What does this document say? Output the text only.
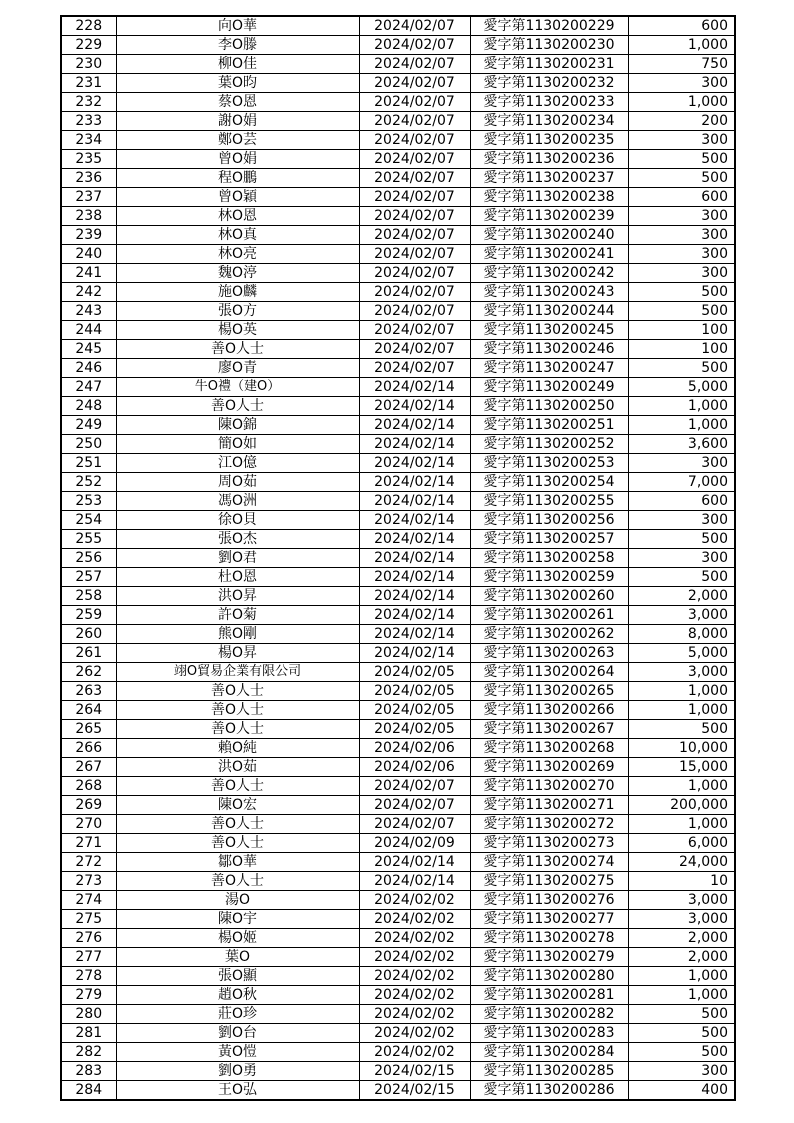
228	向O華	2024/02/07	愛字第1130200229	600
229	李O滕	2024/02/07	愛字第1130200230	1,000
230	柳O佳	2024/02/07	愛字第1130200231	750
231	葉O昀	2024/02/07	愛字第1130200232	300
232	蔡O恩	2024/02/07	愛字第1130200233	1,000
233	謝O娟	2024/02/07	愛字第1130200234	200
234	鄭O芸	2024/02/07	愛字第1130200235	300
235	曾O娟	2024/02/07	愛字第1130200236	500
236	程O鵬	2024/02/07	愛字第1130200237	500
237	曾O穎	2024/02/07	愛字第1130200238	600
238	林O恩	2024/02/07	愛字第1130200239	300
239	林O真	2024/02/07	愛字第1130200240	300
240	林O亮	2024/02/07	愛字第1130200241	300
241	魏O渟	2024/02/07	愛字第1130200242	300
242	施O麟	2024/02/07	愛字第1130200243	500
243	張O方	2024/02/07	愛字第1130200244	500
244	楊O英	2024/02/07	愛字第1130200245	100
245	善O人士	2024/02/07	愛字第1130200246	100
246	廖O青	2024/02/07	愛字第1130200247	500
247	牛O禮（建O）	2024/02/14	愛字第1130200249	5,000
248	善O人士	2024/02/14	愛字第1130200250	1,000
249	陳O錦	2024/02/14	愛字第1130200251	1,000
250	簡O如	2024/02/14	愛字第1130200252	3,600
251	江O億	2024/02/14	愛字第1130200253	300
252	周O茹	2024/02/14	愛字第1130200254	7,000
253	馮O洲	2024/02/14	愛字第1130200255	600
254	徐O貝	2024/02/14	愛字第1130200256	300
255	張O杰	2024/02/14	愛字第1130200257	500
256	劉O君	2024/02/14	愛字第1130200258	300
257	杜O恩	2024/02/14	愛字第1130200259	500
258	洪O昇	2024/02/14	愛字第1130200260	2,000
259	許O菊	2024/02/14	愛字第1130200261	3,000
260	熊O剛	2024/02/14	愛字第1130200262	8,000
261	楊O昇	2024/02/14	愛字第1130200263	5,000
262	翊O貿易企業有限公司	2024/02/05	愛字第1130200264	3,000
263	善O人士	2024/02/05	愛字第1130200265	1,000
264	善O人士	2024/02/05	愛字第1130200266	1,000
265	善O人士	2024/02/05	愛字第1130200267	500
266	賴O純	2024/02/06	愛字第1130200268	10,000
267	洪O茹	2024/02/06	愛字第1130200269	15,000
268	善O人士	2024/02/07	愛字第1130200270	1,000
269	陳O宏	2024/02/07	愛字第1130200271	200,000
270	善O人士	2024/02/07	愛字第1130200272	1,000
271	善O人士	2024/02/09	愛字第1130200273	6,000
272	鄒O華	2024/02/14	愛字第1130200274	24,000
273	善O人士	2024/02/14	愛字第1130200275	10
274	湯O	2024/02/02	愛字第1130200276	3,000
275	陳O宇	2024/02/02	愛字第1130200277	3,000
276	楊O姬	2024/02/02	愛字第1130200278	2,000
277	葉O	2024/02/02	愛字第1130200279	2,000
278	張O顯	2024/02/02	愛字第1130200280	1,000
279	趙O秋	2024/02/02	愛字第1130200281	1,000
280	莊O珍	2024/02/02	愛字第1130200282	500
281	劉O台	2024/02/02	愛字第1130200283	500
282	黃O愷	2024/02/02	愛字第1130200284	500
283	劉O勇	2024/02/15	愛字第1130200285	300
284	王O弘	2024/02/15	愛字第1130200286	400
